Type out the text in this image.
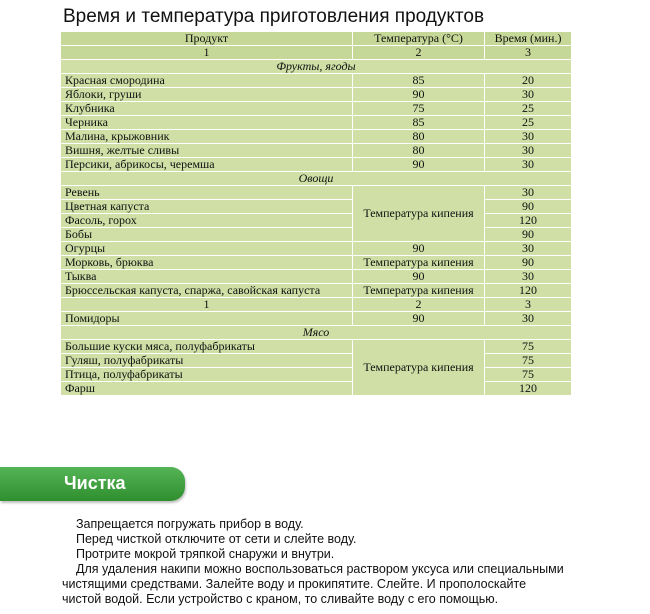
Время и температура приготовления продуктов
Продукт	Температура (°С)	Время (мин.)
1	2	3
Фрукты, ягоды		
Красная смородина	85	20
Яблоки, груши	90	30
Клубника	75	25
Черника	85	25
Малина, крыжовник	80	30
Вишня, желтые сливы	80	30
Персики, абрикосы, черемша	90	30
Овощи		
Ревень	Температура кипения	30
Цветная капуста		90
Фасоль, горох		120
Бобы		90
Огурцы	90	30
Морковь, брюква	Температура кипения	90
Тыква	90	30
Брюссельская капуста, спаржа, савойская капуста	Температура кипения	120
1	2	3
Помидоры	90	30
Мясо		
Большие куски мяса, полуфабрикаты	Температура кипения	75
Гуляш, полуфабрикаты		75
Птица, полуфабрикаты		75
Фарш		120
Чистка

Запрещается погружать прибор в воду.

Перед чисткой отключите от сети и слейте воду.

Протрите мокрой тряпкой снаружи и внутри.

Для удаления накипи можно воспользоваться раствором уксуса или специальными

чистящими средствами. Залейте воду и прокипятите. Слейте. И прополоскайте

чистой водой. Если устройство с краном, то сливайте воду с его помощью.
